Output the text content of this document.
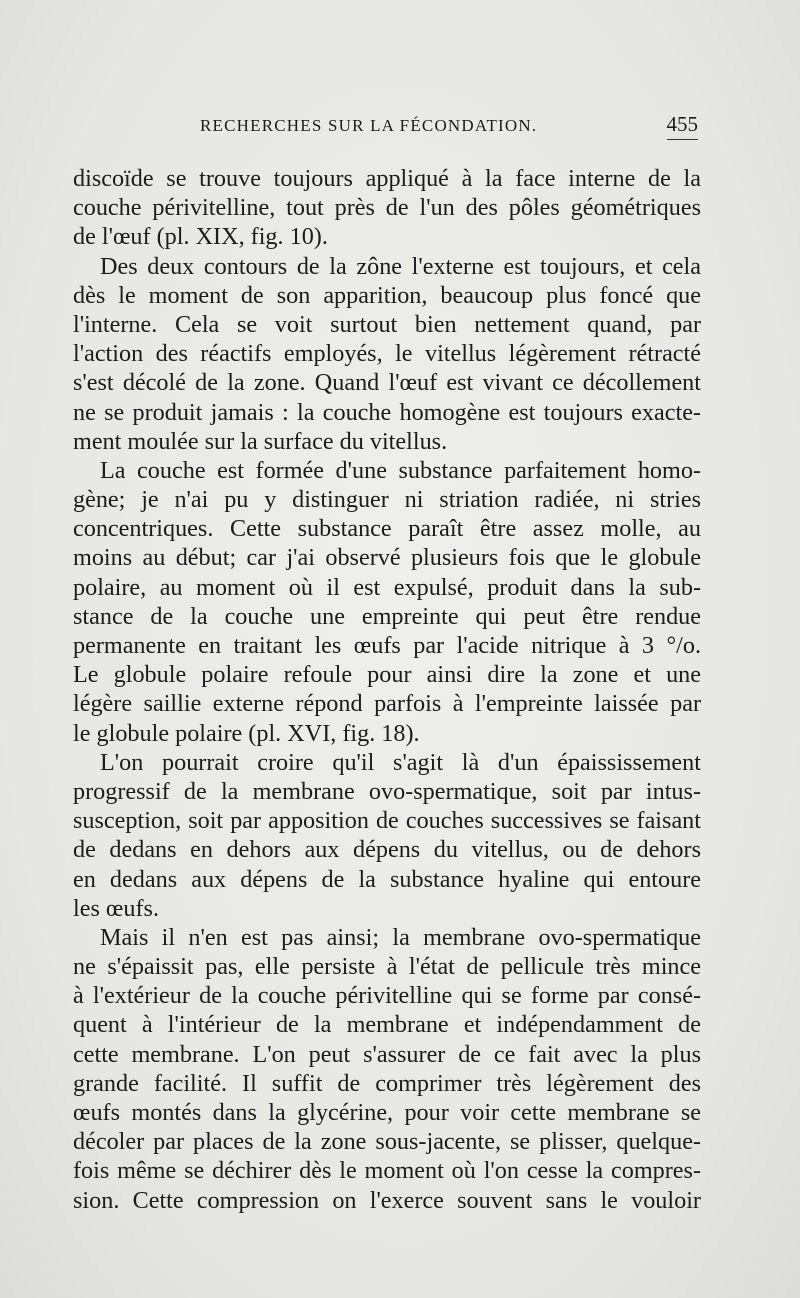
RECHERCHES SUR LA FÉCONDATION.	455
discoïde se trouve toujours appliqué à la face interne de la
couche périvitelline, tout près de l'un des pôles géométriques
de l'œuf (pl. XIX, fig. 10).
Des deux contours de la zône l'externe est toujours, et cela
dès le moment de son apparition, beaucoup plus foncé que
l'interne. Cela se voit surtout bien nettement quand, par
l'action des réactifs employés, le vitellus légèrement rétracté
s'est décolé de la zone. Quand l'œuf est vivant ce décollement
ne se produit jamais : la couche homogène est toujours exacte-
ment moulée sur la surface du vitellus.
La couche est formée d'une substance parfaitement homo-
gène; je n'ai pu y distinguer ni striation radiée, ni stries
concentriques. Cette substance paraît être assez molle, au
moins au début; car j'ai observé plusieurs fois que le globule
polaire, au moment où il est expulsé, produit dans la sub-
stance de la couche une empreinte qui peut être rendue
permanente en traitant les œufs par l'acide nitrique à 3 °/o.
Le globule polaire refoule pour ainsi dire la zone et une
légère saillie externe répond parfois à l'empreinte laissée par
le globule polaire (pl. XVI, fig. 18).
L'on pourrait croire qu'il s'agit là d'un épaississement
progressif de la membrane ovo-spermatique, soit par intus-
susception, soit par apposition de couches successives se faisant
de dedans en dehors aux dépens du vitellus, ou de dehors
en dedans aux dépens de la substance hyaline qui entoure
les œufs.
Mais il n'en est pas ainsi; la membrane ovo-spermatique
ne s'épaissit pas, elle persiste à l'état de pellicule très mince
à l'extérieur de la couche périvitelline qui se forme par consé-
quent à l'intérieur de la membrane et indépendamment de
cette membrane. L'on peut s'assurer de ce fait avec la plus
grande facilité. Il suffit de comprimer très légèrement des
œufs montés dans la glycérine, pour voir cette membrane se
décoler par places de la zone sous-jacente, se plisser, quelque-
fois même se déchirer dès le moment où l'on cesse la compres-
sion. Cette compression on l'exerce souvent sans le vouloir
